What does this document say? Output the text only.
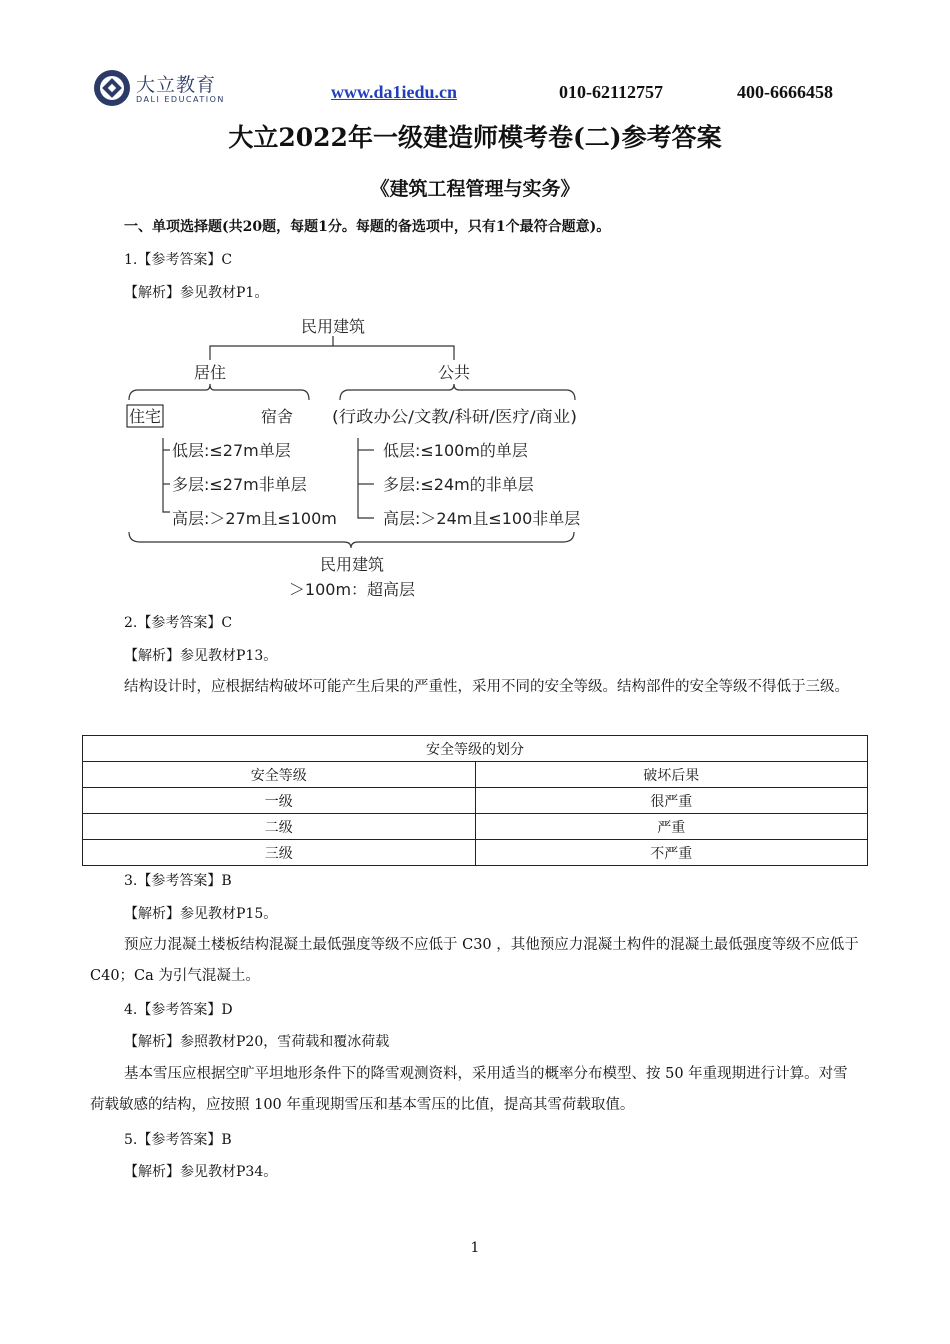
大立教育
DALI EDUCATION	www.da1iedu.cn	010-62112757	400-6666458
大立2022年一级建造师模考卷(二)参考答案
《建筑工程管理与实务》
一、单项选择题(共20题，每题1分。每题的备选项中，只有1个最符合题意)。
1.【参考答案】C
【解析】参见教材P1。
民用建筑
居住	公共
住宅	宿舍 (行政办公/文教/科研/医疗/商业)
低层:≤27m单层
多层:≤27m非单层
高层:＞27m且≤100m
低层:≤100m的单层
多层:≤24m的非单层
高层:＞24m且≤100非单层
民用建筑
＞100m：超高层
2.【参考答案】C
【解析】参见教材P13。
结构设计时，应根据结构破坏可能产生后果的严重性，采用不同的安全等级。结构部件的安全等级不得低于三级。
安全等级的划分	
安全等级	破坏后果
一级	很严重
二级	严重
三级	不严重
3.【参考答案】B
【解析】参见教材P15。
预应力混凝土楼板结构混凝土最低强度等级不应低于 C30 ，其他预应力混凝土构件的混凝土最低强度等级不应低于 C40；Ca 为引气混凝土。
4.【参考答案】D
【解析】参照教材P20，雪荷载和覆冰荷载
基本雪压应根据空旷平坦地形条件下的降雪观测资料，采用适当的概率分布模型、按 50 年重现期进行计算。对雪荷载敏感的结构，应按照 100 年重现期雪压和基本雪压的比值，提高其雪荷载取值。
5.【参考答案】B
【解析】参见教材P34。
1
